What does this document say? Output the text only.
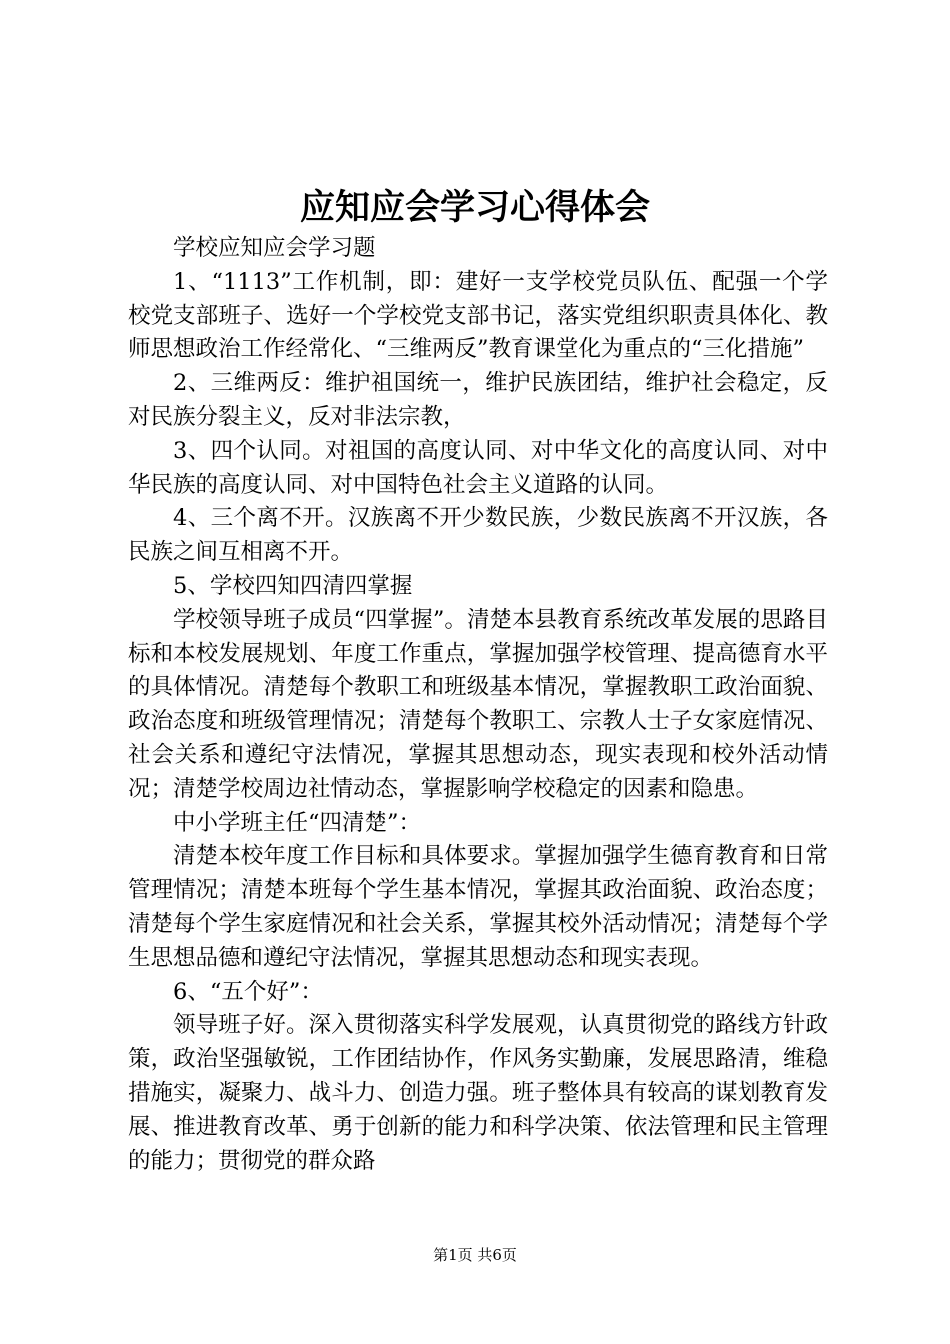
应知应会学习心得体会

学校应知应会学习题

1、“1113”工作机制，即：建好一支学校党员队伍、配强一个学校党支部班子、选好一个学校党支部书记，落实党组织职责具体化、教师思想政治工作经常化、“三维两反”教育课堂化为重点的“三化措施”

2、三维两反：维护祖国统一，维护民族团结，维护社会稳定，反对民族分裂主义，反对非法宗教，

3、四个认同。对祖国的高度认同、对中华文化的高度认同、对中华民族的高度认同、对中国特色社会主义道路的认同。

4、三个离不开。汉族离不开少数民族，少数民族离不开汉族，各民族之间互相离不开。

5、学校四知四清四掌握

学校领导班子成员“四掌握”。清楚本县教育系统改革发展的思路目标和本校发展规划、年度工作重点，掌握加强学校管理、提高德育水平的具体情况。清楚每个教职工和班级基本情况，掌握教职工政治面貌、政治态度和班级管理情况；清楚每个教职工、宗教人士子女家庭情况、社会关系和遵纪守法情况，掌握其思想动态，现实表现和校外活动情况；清楚学校周边社情动态，掌握影响学校稳定的因素和隐患。

中小学班主任“四清楚”：

清楚本校年度工作目标和具体要求。掌握加强学生德育教育和日常管理情况；清楚本班每个学生基本情况，掌握其政治面貌、政治态度；清楚每个学生家庭情况和社会关系，掌握其校外活动情况；清楚每个学生思想品德和遵纪守法情况，掌握其思想动态和现实表现。

6、“五个好”：

领导班子好。深入贯彻落实科学发展观，认真贯彻党的路线方针政策，政治坚强敏锐，工作团结协作，作风务实勤廉，发展思路清，维稳措施实，凝聚力、战斗力、创造力强。班子整体具有较高的谋划教育发展、推进教育改革、勇于创新的能力和科学决策、依法管理和民主管理的能力；贯彻党的群众路

第1页 共6页
